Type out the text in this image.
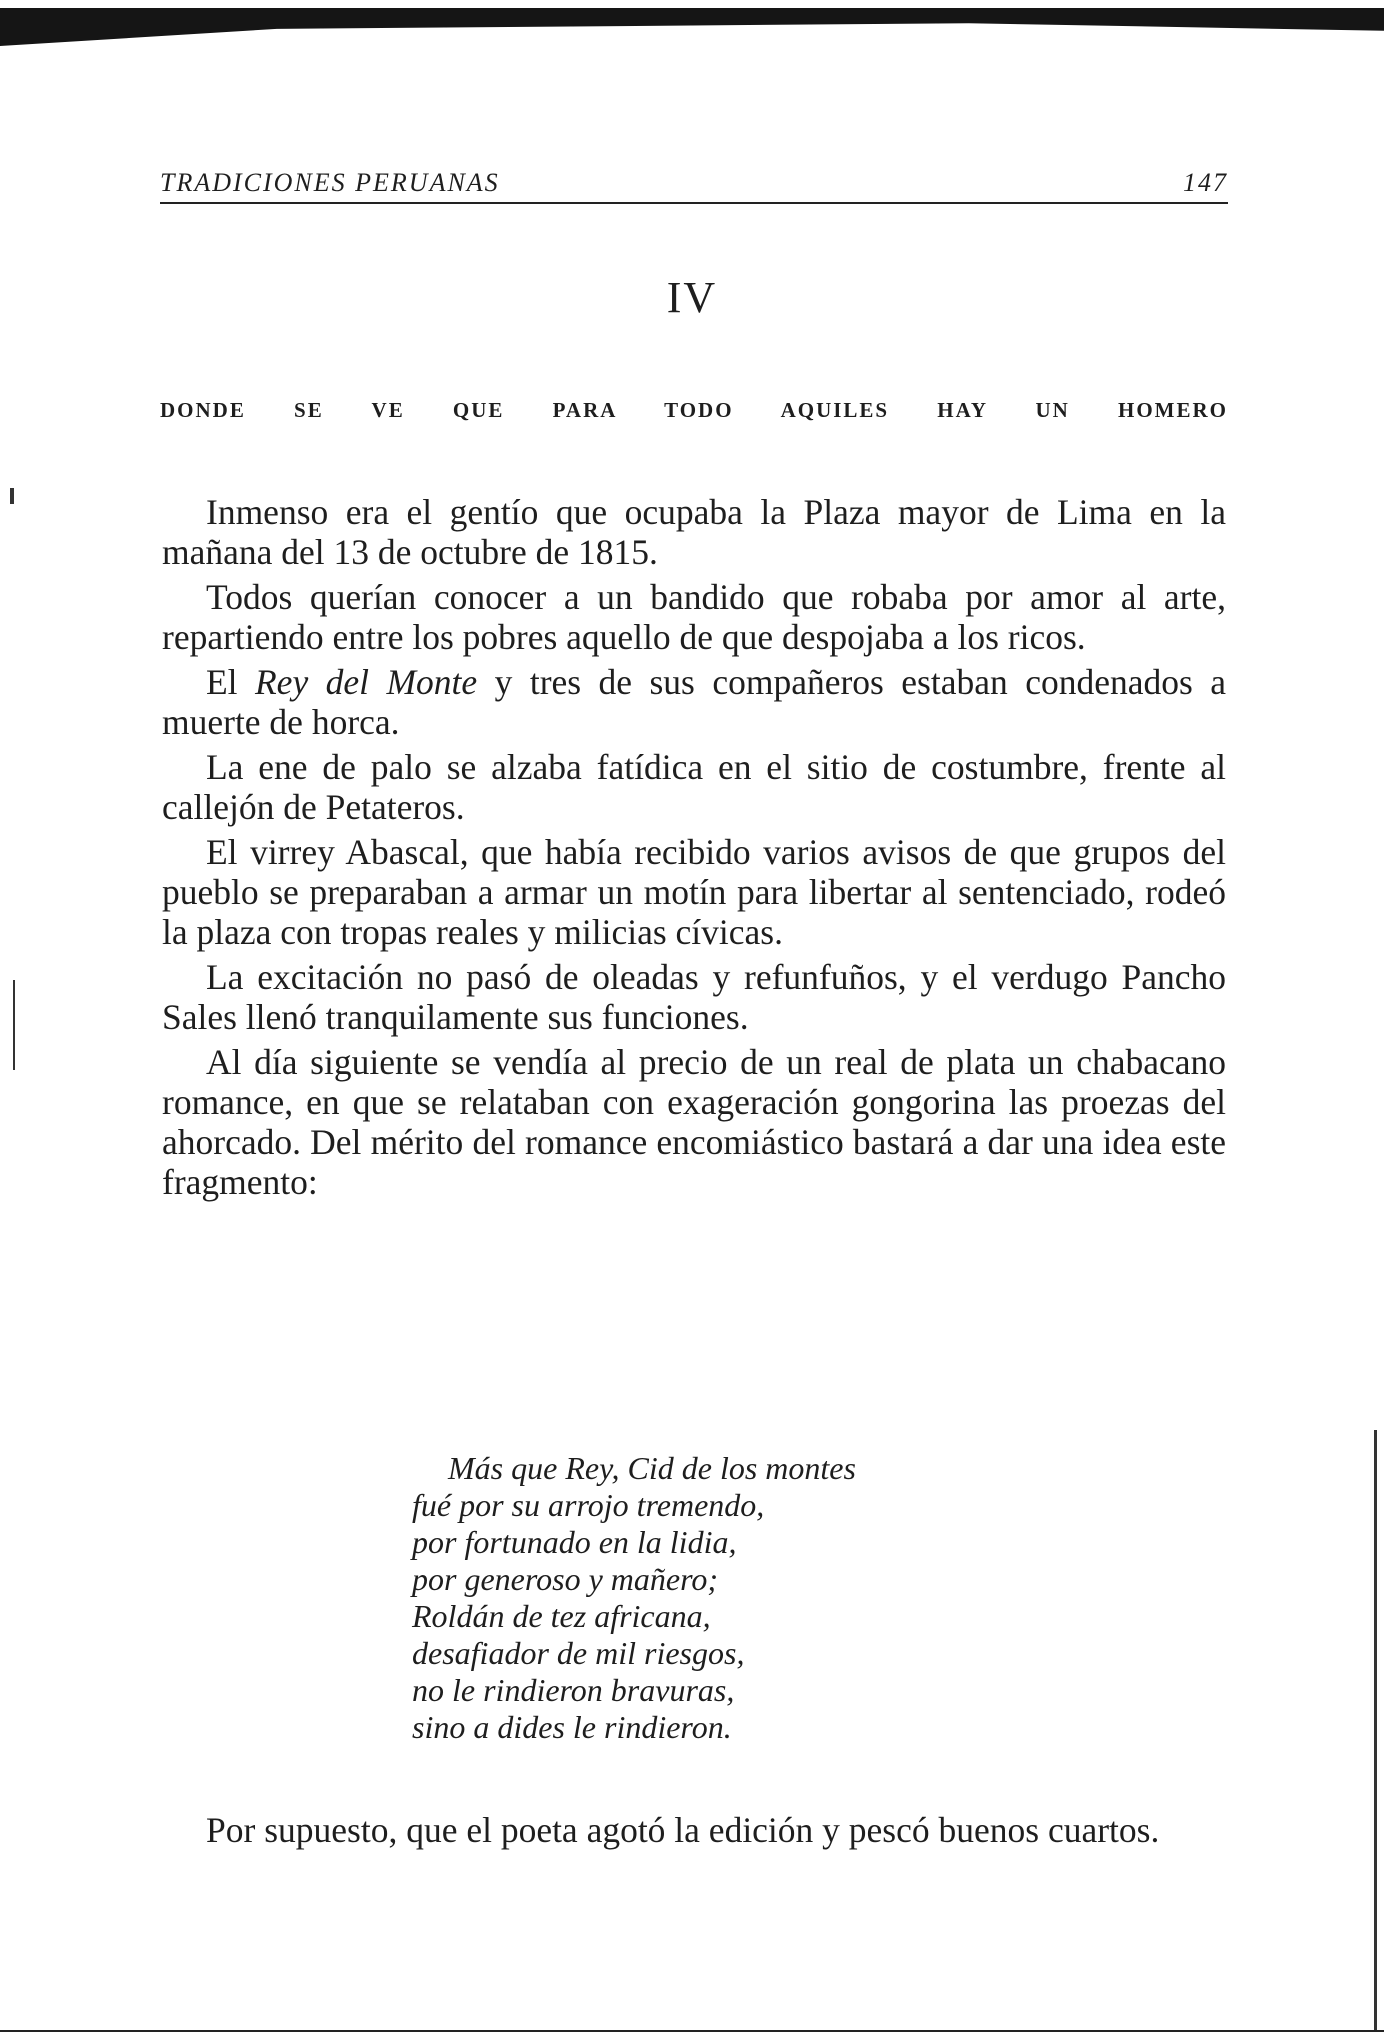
TRADICIONES PERUANAS	147
IV
DONDE SE VE QUE PARA TODO AQUILES HAY UN HOMERO

Inmenso era el gentío que ocupaba la Plaza mayor de Lima en la mañana del 13 de octubre de 1815.

Todos querían conocer a un bandido que robaba por amor al arte, repartiendo entre los pobres aquello de que despojaba a los ricos.

El Rey del Monte y tres de sus compañeros estaban condenados a muerte de horca.

La ene de palo se alzaba fatídica en el sitio de costumbre, frente al callejón de Petateros.

El virrey Abascal, que había recibido varios avisos de que grupos del pueblo se preparaban a armar un motín para libertar al sentenciado, rodeó la plaza con tropas reales y milicias cívicas.

La excitación no pasó de oleadas y refunfuños, y el verdugo Pancho Sales llenó tranquilamente sus funciones.

Al día siguiente se vendía al precio de un real de plata un chabacano romance, en que se relataban con exageración gongorina las proezas del ahorcado. Del mérito del romance encomiástico bastará a dar una idea este fragmento:

Más que Rey, Cid de los montes
fué por su arrojo tremendo,
por fortunado en la lidia,
por generoso y mañero;
Roldán de tez africana,
desafiador de mil riesgos,
no le rindieron bravuras,
sino a dides le rindieron.

Por supuesto, que el poeta agotó la edición y pescó buenos cuartos.
